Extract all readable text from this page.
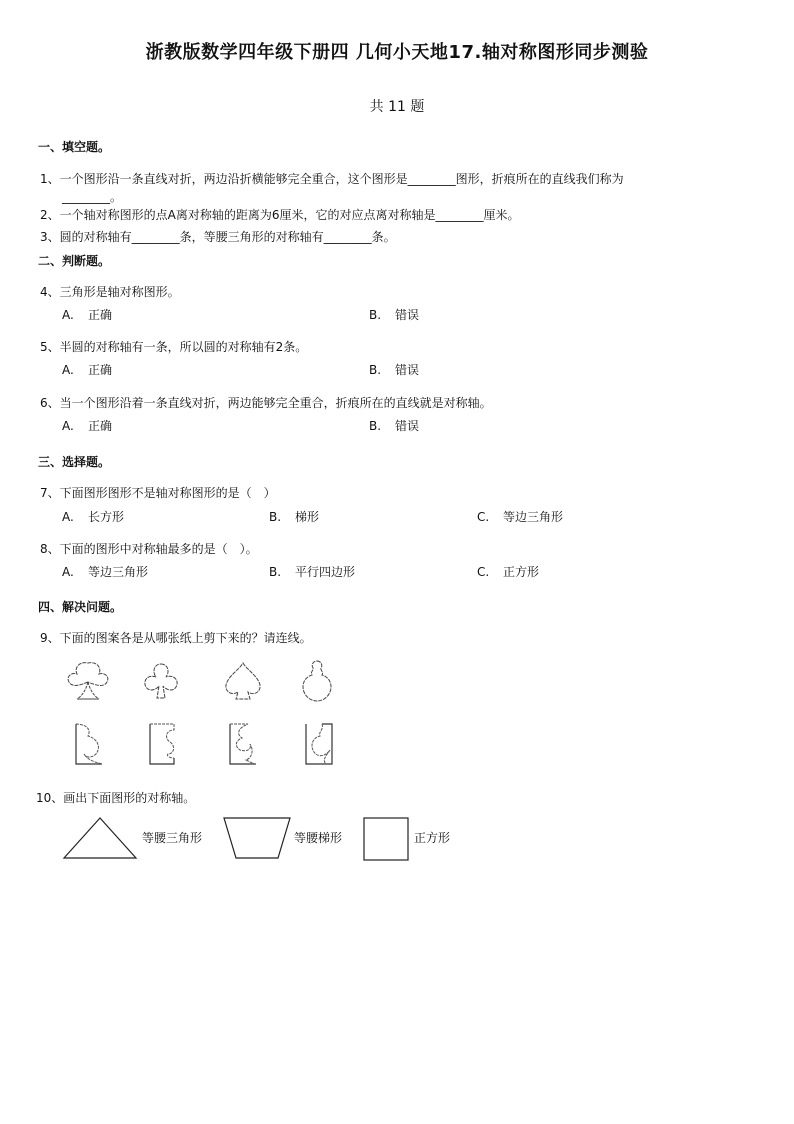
浙教版数学四年级下册四 几何小天地17.轴对称图形同步测验
共 11 题
一、填空题。
1、一个图形沿一条直线对折，两边沿折横能够完全重合，这个图形是________图形，折痕所在的直线我们称为
________。
2、一个轴对称图形的点A离对称轴的距离为6厘米，它的对应点离对称轴是________厘米。
3、圆的对称轴有________条，等腰三角形的对称轴有________条。
二、判断题。
4、三角形是轴对称图形。
A. 正确	B. 错误
5、半圆的对称轴有一条，所以圆的对称轴有2条。
A. 正确	B. 错误
6、当一个图形沿着一条直线对折，两边能够完全重合，折痕所在的直线就是对称轴。
A. 正确	B. 错误
三、选择题。
7、下面图形图形不是轴对称图形的是（　）
A. 长方形	B. 梯形	C. 等边三角形
8、下面的图形中对称轴最多的是（　）。
A. 等边三角形	B. 平行四边形	C. 正方形
四、解决问题。
9、下面的图案各是从哪张纸上剪下来的？请连线。
10、画出下面图形的对称轴。
等腰三角形	等腰梯形	正方形
